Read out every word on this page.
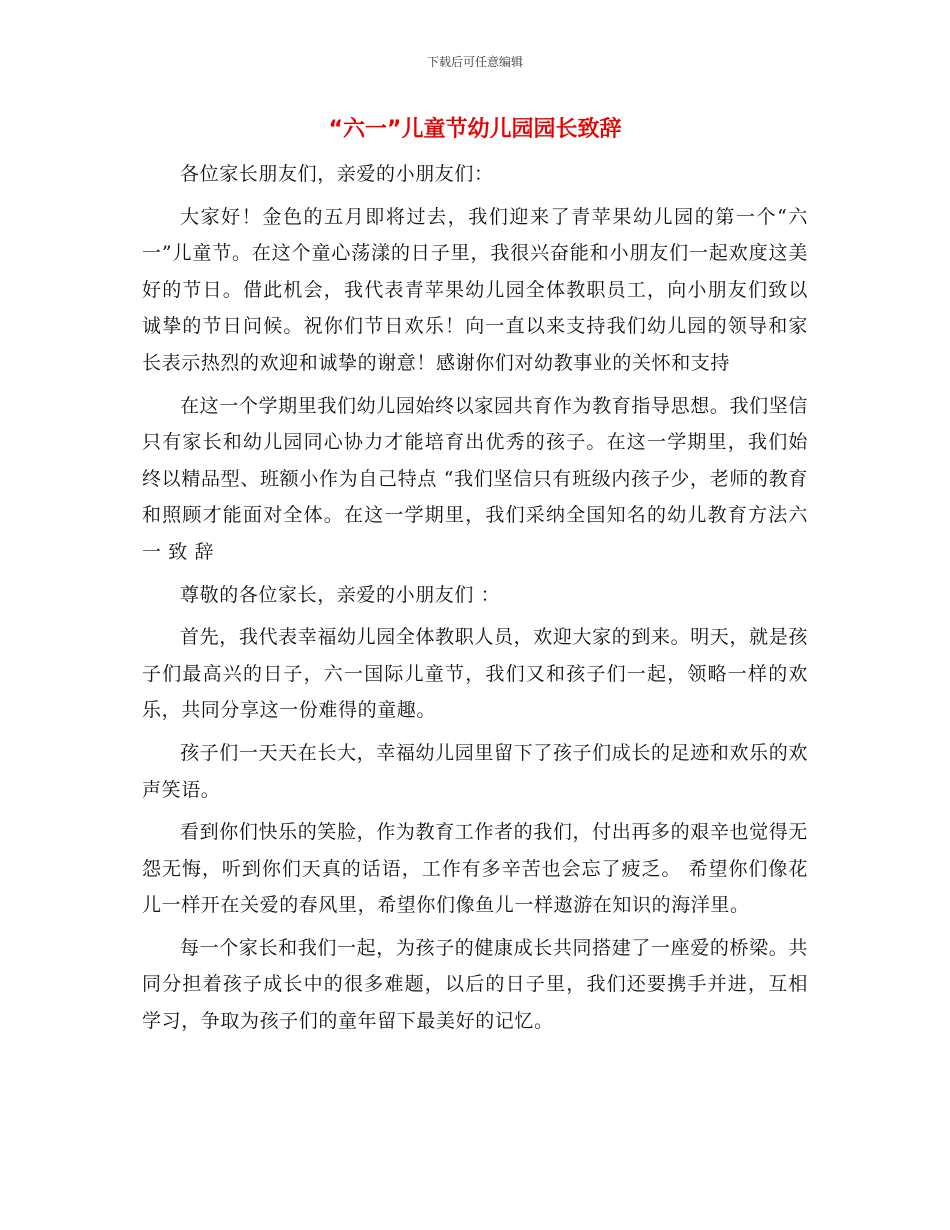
下载后可任意编辑
“六一”儿童节幼儿园园长致辞

各位家长朋友们，亲爱的小朋友们：

大家好！金色的五月即将过去，我们迎来了青苹果幼儿园的第一个“六一”儿童节。在这个童心荡漾的日子里，我很兴奋能和小朋友们一起欢度这美好的节日。借此机会，我代表青苹果幼儿园全体教职员工，向小朋友们致以诚挚的节日问候。祝你们节日欢乐！向一直以来支持我们幼儿园的领导和家长表示热烈的欢迎和诚挚的谢意！感谢你们对幼教事业的关怀和支持

在这一个学期里我们幼儿园始终以家园共育作为教育指导思想。我们坚信只有家长和幼儿园同心协力才能培育出优秀的孩子。在这一学期里，我们始终以精品型、班额小作为自己特点 “我们坚信只有班级内孩子少，老师的教育和照顾才能面对全体。在这一学期里，我们采纳全国知名的幼儿教育方法六 一 致 辞

尊敬的各位家长，亲爱的小朋友们 ：

首先，我代表幸福幼儿园全体教职人员，欢迎大家的到来。明天，就是孩子们最高兴的日子，六一国际儿童节，我们又和孩子们一起，领略一样的欢乐，共同分享这一份难得的童趣。

孩子们一天天在长大，幸福幼儿园里留下了孩子们成长的足迹和欢乐的欢声笑语。

看到你们快乐的笑脸，作为教育工作者的我们，付出再多的艰辛也觉得无怨无悔，听到你们天真的话语，工作有多辛苦也会忘了疲乏。 希望你们像花儿一样开在关爱的春风里，希望你们像鱼儿一样遨游在知识的海洋里。

每一个家长和我们一起，为孩子的健康成长共同搭建了一座爱的桥梁。共同分担着孩子成长中的很多难题，以后的日子里，我们还要携手并进，互相学习，争取为孩子们的童年留下最美好的记忆。
